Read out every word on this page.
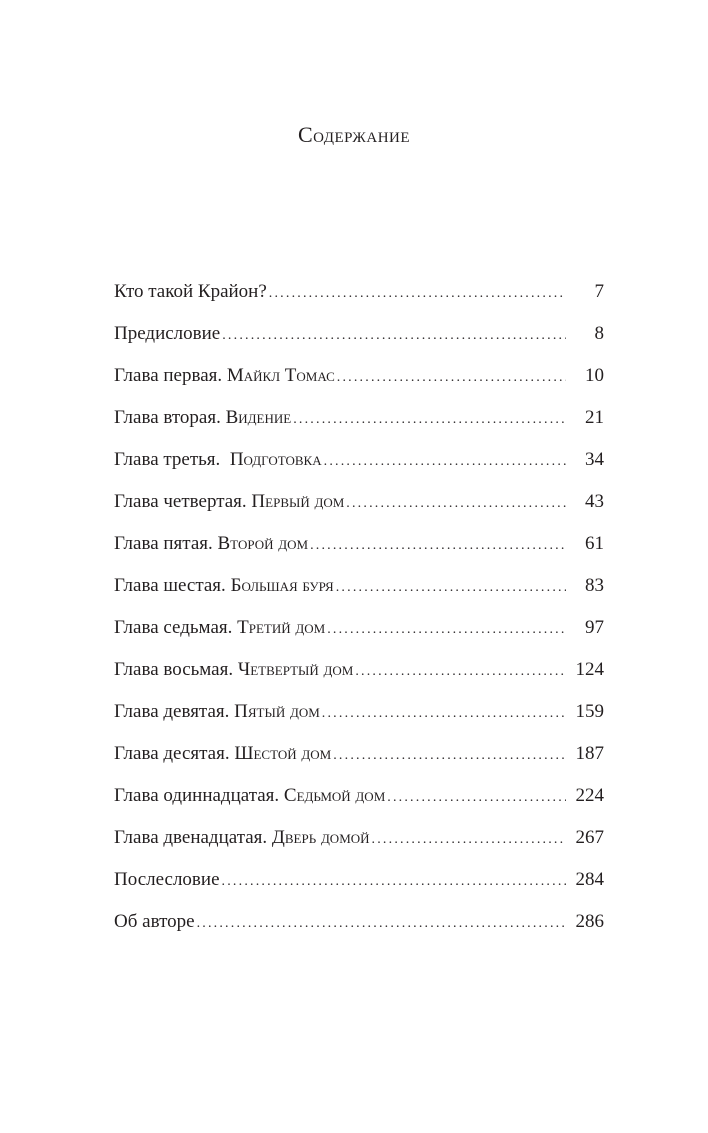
Содержание
Кто такой Крайон? .....	7
Предисловие .....	8
Глава первая. Майкл Томас .....	10
Глава вторая. Видение .....	21
Глава третья.  Подготовка .....	34
Глава четвертая. Первый дом .....	43
Глава пятая. Второй дом .....	61
Глава шестая. Большая буря .....	83
Глава седьмая. Третий дом .....	97
Глава восьмая. Четвертый дом .....	124
Глава девятая. Пятый дом .....	159
Глава десятая. Шестой дом .....	187
Глава одиннадцатая. Седьмой дом .....	224
Глава двенадцатая. Дверь домой .....	267
Послесловие .....	284
Об авторе .....	286
